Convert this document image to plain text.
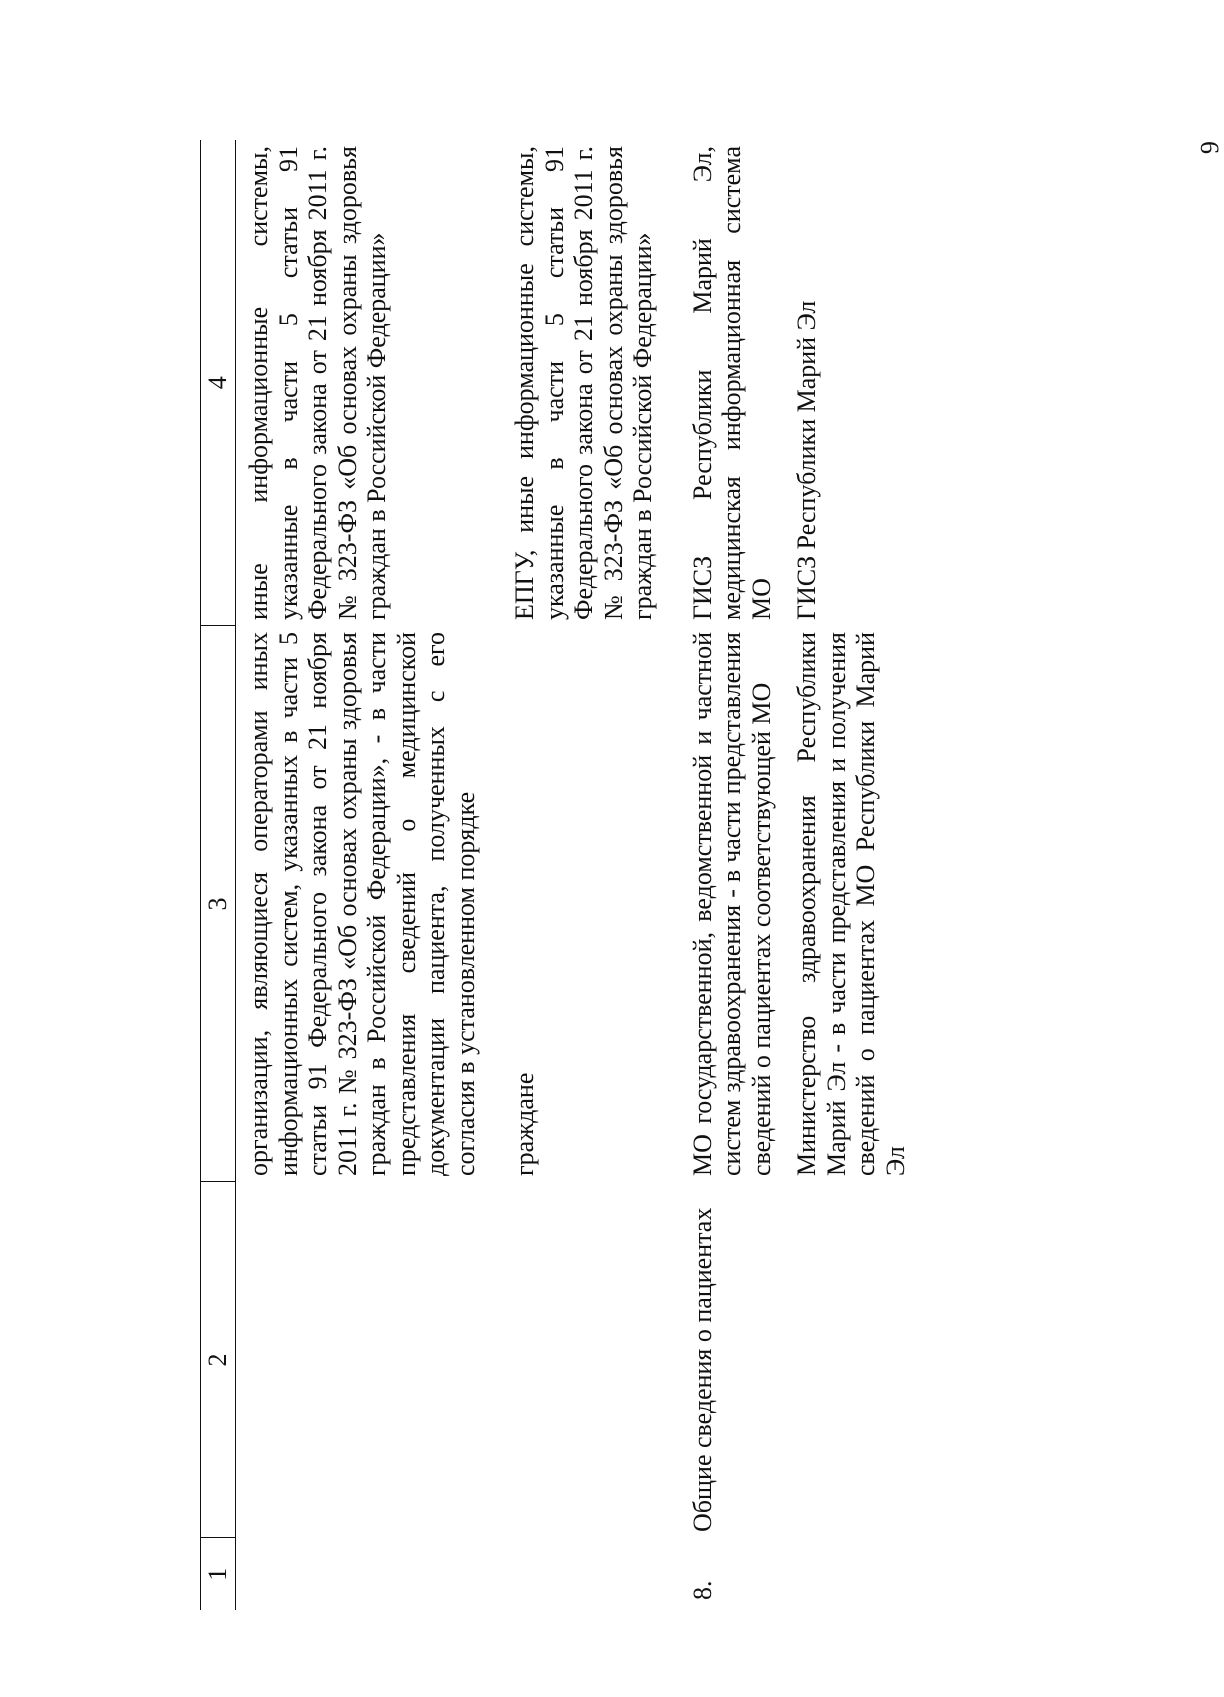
6
1	2	3	4
		организации, являющиеся операторами иных информационных систем, указанных в части 5 статьи 91 Федерального закона от 21 ноября 2011 г. № 323-ФЗ «Об основах охраны здоровья граждан в Российской Федерации», - в части представления сведений о медицинской документации пациента, полученных с его согласия в установленном порядке	иные информационные системы, указанные в части 5 статьи 91 Федерального закона от 21 ноября 2011 г. № 323-ФЗ «Об основах охраны здоровья граждан в Российской Федерации»
		граждане	ЕПГУ, иные информационные системы, указанные в части 5 статьи 91 Федерального закона от 21 ноября 2011 г. № 323-ФЗ «Об основах охраны здоровья граждан в Российской Федерации»
8.	Общие сведения о пациентах	МО государственной, ведомственной и частной систем здравоохранения - в части представления сведений о пациентах соответствующей МО	ГИСЗ Республики Марий Эл, медицинская информационная система МО
		Министерство здравоохранения Республики Марий Эл - в части представления и получения сведений о пациентах МО Республики Марий Эл	ГИСЗ Республики Марий Эл
